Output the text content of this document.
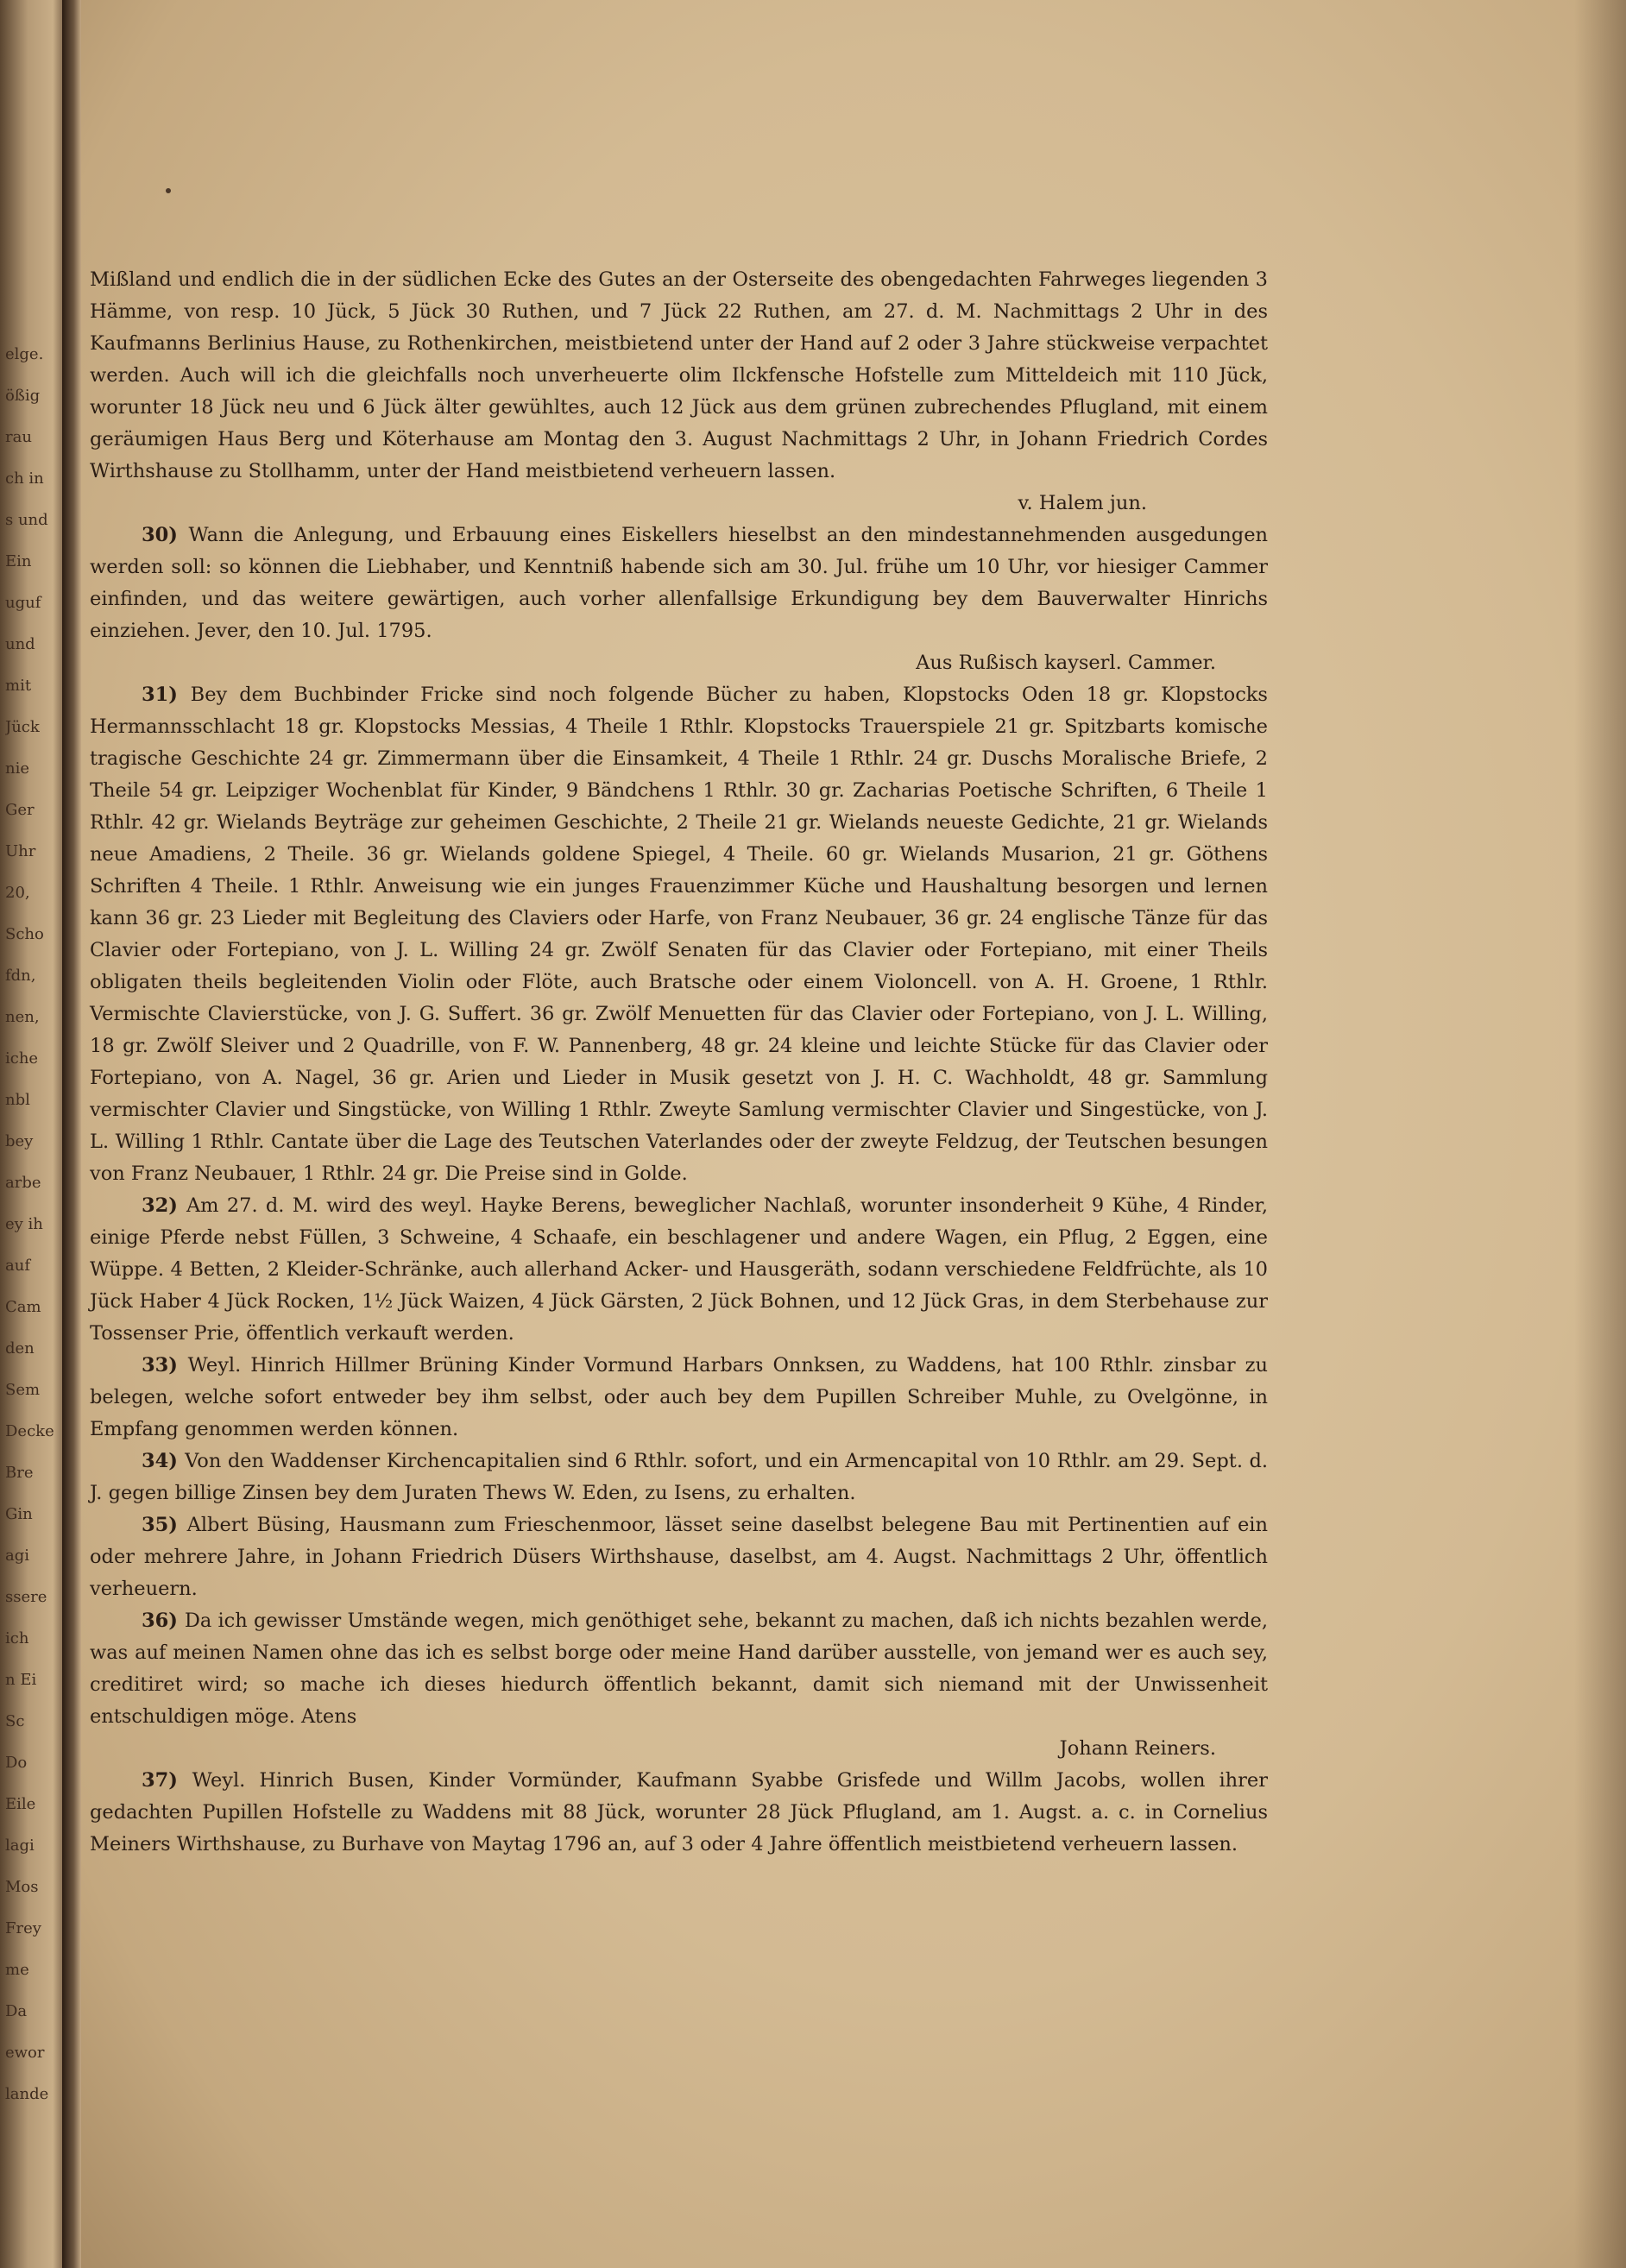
elge.
ößig
rau
ch in
s und
Ein
uguf
und
mit
Jück
nie
Ger
Uhr
20,
Scho
fdn,
nen,
iche
nbl
bey
arbe
ey ih
auf
Cam
den
Sem
Decke
Bre
Gin
agi
ssere
ich
n Ei
Sc
Do
Eile
lagi
Mos
Frey
me
Da
ewor
lande

Mißland und endlich die in der südlichen Ecke des Gutes an der Osterseite des obengedachten Fahrweges liegenden 3 Hämme, von resp. 10 Jück, 5 Jück 30 Ruthen, und 7 Jück 22 Ruthen, am 27. d. M. Nachmittags 2 Uhr in des Kaufmanns Berlinius Hause, zu Rothenkirchen, meistbietend unter der Hand auf 2 oder 3 Jahre stückweise verpachtet werden. Auch will ich die gleichfalls noch unverheuerte olim Ilckfensche Hofstelle zum Mitteldeich mit 110 Jück, worunter 18 Jück neu und 6 Jück älter gewühltes, auch 12 Jück aus dem grünen zubrechendes Pflugland, mit einem geräumigen Haus Berg und Köterhause am Montag den 3. August Nachmittags 2 Uhr, in Johann Friedrich Cordes Wirthshause zu Stollhamm, unter der Hand meistbietend verheuern lassen.

v. Halem jun.

30) Wann die Anlegung, und Erbauung eines Eiskellers hieselbst an den mindestannehmenden ausgedungen werden soll: so können die Liebhaber, und Kenntniß habende sich am 30. Jul. frühe um 10 Uhr, vor hiesiger Cammer einfinden, und das weitere gewärtigen, auch vorher allenfallsige Erkundigung bey dem Bauverwalter Hinrichs einziehen. Jever, den 10. Jul. 1795.

Aus Rußisch kayserl. Cammer.

31) Bey dem Buchbinder Fricke sind noch folgende Bücher zu haben, Klopstocks Oden 18 gr. Klopstocks Hermannsschlacht 18 gr. Klopstocks Messias, 4 Theile 1 Rthlr. Klopstocks Trauerspiele 21 gr. Spitzbarts komische tragische Geschichte 24 gr. Zimmermann über die Einsamkeit, 4 Theile 1 Rthlr. 24 gr. Duschs Moralische Briefe, 2 Theile 54 gr. Leipziger Wochenblat für Kinder, 9 Bändchens 1 Rthlr. 30 gr. Zacharias Poetische Schriften, 6 Theile 1 Rthlr. 42 gr. Wielands Beyträge zur geheimen Geschichte, 2 Theile 21 gr. Wielands neueste Gedichte, 21 gr. Wielands neue Amadiens, 2 Theile. 36 gr. Wielands goldene Spiegel, 4 Theile. 60 gr. Wielands Musarion, 21 gr. Göthens Schriften 4 Theile. 1 Rthlr. Anweisung wie ein junges Frauenzimmer Küche und Haushaltung besorgen und lernen kann 36 gr. 23 Lieder mit Begleitung des Claviers oder Harfe, von Franz Neubauer, 36 gr. 24 englische Tänze für das Clavier oder Fortepiano, von J. L. Willing 24 gr. Zwölf Senaten für das Clavier oder Fortepiano, mit einer Theils obligaten theils begleitenden Violin oder Flöte, auch Bratsche oder einem Violoncell. von A. H. Groene, 1 Rthlr. Vermischte Clavierstücke, von J. G. Suffert. 36 gr. Zwölf Menuetten für das Clavier oder Fortepiano, von J. L. Willing, 18 gr. Zwölf Sleiver und 2 Quadrille, von F. W. Pannenberg, 48 gr. 24 kleine und leichte Stücke für das Clavier oder Fortepiano, von A. Nagel, 36 gr. Arien und Lieder in Musik gesetzt von J. H. C. Wachholdt, 48 gr. Sammlung vermischter Clavier und Singstücke, von Willing 1 Rthlr. Zweyte Samlung vermischter Clavier und Singestücke, von J. L. Willing 1 Rthlr. Cantate über die Lage des Teutschen Vaterlandes oder der zweyte Feldzug, der Teutschen besungen von Franz Neubauer, 1 Rthlr. 24 gr. Die Preise sind in Golde.

32) Am 27. d. M. wird des weyl. Hayke Berens, beweglicher Nachlaß, worunter insonderheit 9 Kühe, 4 Rinder, einige Pferde nebst Füllen, 3 Schweine, 4 Schaafe, ein beschlagener und andere Wagen, ein Pflug, 2 Eggen, eine Wüppe. 4 Betten, 2 Kleider-Schränke, auch allerhand Acker- und Hausgeräth, sodann verschiedene Feldfrüchte, als 10 Jück Haber 4 Jück Rocken, 1½ Jück Waizen, 4 Jück Gärsten, 2 Jück Bohnen, und 12 Jück Gras, in dem Sterbehause zur Tossenser Prie, öffentlich verkauft werden.

33) Weyl. Hinrich Hillmer Brüning Kinder Vormund Harbars Onnksen, zu Waddens, hat 100 Rthlr. zinsbar zu belegen, welche sofort entweder bey ihm selbst, oder auch bey dem Pupillen Schreiber Muhle, zu Ovelgönne, in Empfang genommen werden können.

34) Von den Waddenser Kirchencapitalien sind 6 Rthlr. sofort, und ein Armencapital von 10 Rthlr. am 29. Sept. d. J. gegen billige Zinsen bey dem Juraten Thews W. Eden, zu Isens, zu erhalten.

35) Albert Büsing, Hausmann zum Frieschenmoor, lässet seine daselbst belegene Bau mit Pertinentien auf ein oder mehrere Jahre, in Johann Friedrich Düsers Wirthshause, daselbst, am 4. Augst. Nachmittags 2 Uhr, öffentlich verheuern.

36) Da ich gewisser Umstände wegen, mich genöthiget sehe, bekannt zu machen, daß ich nichts bezahlen werde, was auf meinen Namen ohne das ich es selbst borge oder meine Hand darüber ausstelle, von jemand wer es auch sey, creditiret wird; so mache ich dieses hiedurch öffentlich bekannt, damit sich niemand mit der Unwissenheit entschuldigen möge. Atens

Johann Reiners.

37) Weyl. Hinrich Busen, Kinder Vormünder, Kaufmann Syabbe Grisfede und Willm Jacobs, wollen ihrer gedachten Pupillen Hofstelle zu Waddens mit 88 Jück, worunter 28 Jück Pflugland, am 1. Augst. a. c. in Cornelius Meiners Wirthshause, zu Burhave von Maytag 1796 an, auf 3 oder 4 Jahre öffentlich meistbietend verheuern lassen.
